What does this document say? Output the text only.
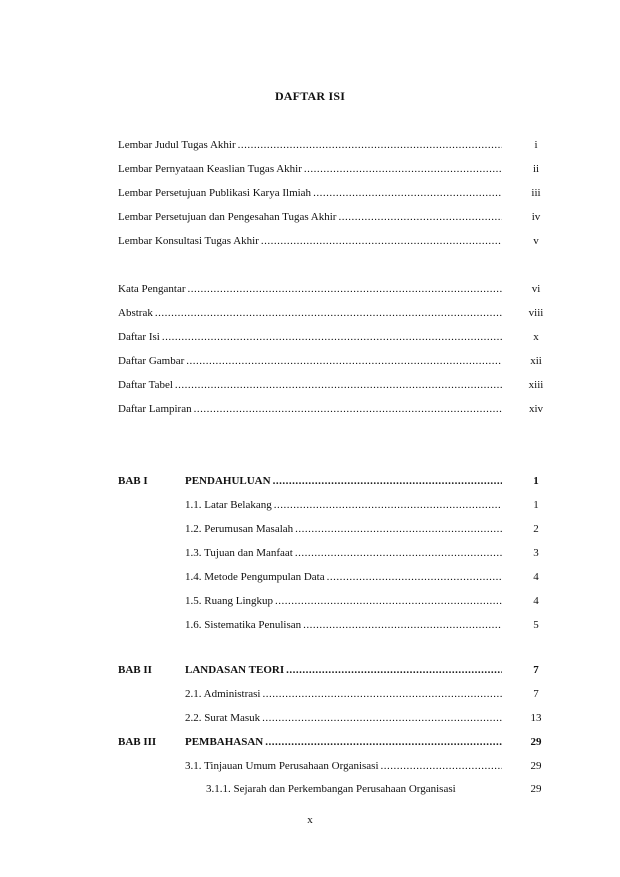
DAFTAR ISI
Lembar Judul Tugas Akhir .....	i
Lembar Pernyataan Keaslian Tugas Akhir .....	ii
Lembar Persetujuan Publikasi Karya Ilmiah .....	iii
Lembar Persetujuan dan Pengesahan Tugas Akhir .....	iv
Lembar Konsultasi Tugas Akhir .....	v
Kata Pengantar .....	vi
Abstrak .....	viii
Daftar Isi .....	x
Daftar Gambar .....	xii
Daftar Tabel .....	xiii
Daftar Lampiran .....	xiv
BAB I	PENDAHULUAN .....	1
1.1. Latar Belakang .....	1
1.2. Perumusan Masalah .....	2
1.3. Tujuan dan Manfaat .....	3
1.4. Metode Pengumpulan Data .....	4
1.5. Ruang Lingkup .....	4
1.6. Sistematika Penulisan .....	5
BAB II	LANDASAN TEORI .....	7
2.1. Administrasi .....	7
2.2. Surat Masuk .....	13
BAB III	PEMBAHASAN .....	29
3.1. Tinjauan Umum Perusahaan Organisasi .....	29
3.1.1. Sejarah dan Perkembangan Perusahaan Organisasi	29
x
